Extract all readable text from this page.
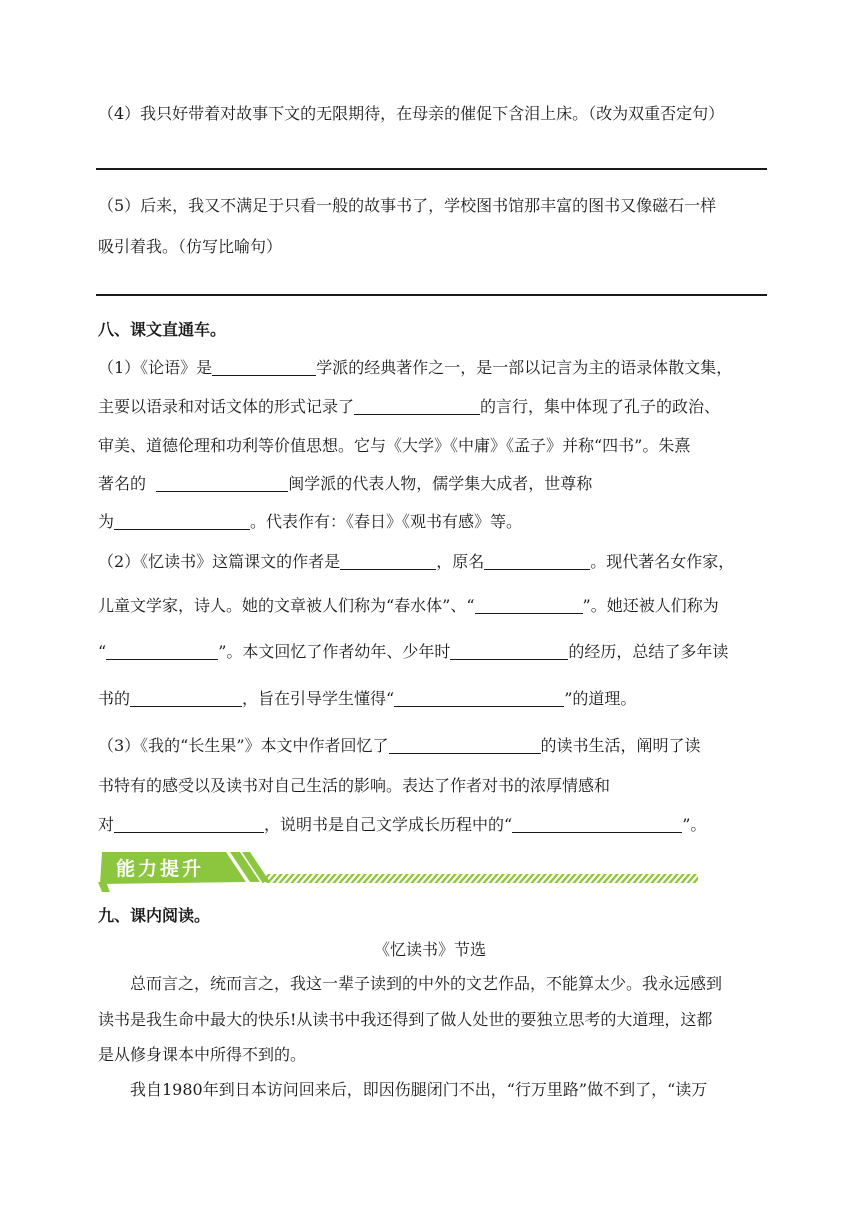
（4）我只好带着对故事下文的无限期待，在母亲的催促下含泪上床。（改为双重否定句）
（5）后来，我又不满足于只看一般的故事书了，学校图书馆那丰富的图书又像磁石一样
吸引着我。（仿写比喻句）
八、课文直通车。
（1）《论语》是	学派的经典著作之一，是一部以记言为主的语录体散文集，
主要以语录和对话文体的形式记录了	的言行，集中体现了孔子的政治、
审美、道德伦理和功利等价值思想。它与《大学》《中庸》《孟子》并称“四书”。朱熹
著名的	闽学派的代表人物，儒学集大成者，世尊称
为	。代表作有：《春日》《观书有感》等。
（2）《忆读书》这篇课文的作者是	，原名	。现代著名女作家，
儿童文学家，诗人。她的文章被人们称为“春水体”、“	”。她还被人们称为
“	”。本文回忆了作者幼年、少年时	的经历，总结了多年读
书的	，旨在引导学生懂得“	”的道理。
（3）《我的“长生果”》本文中作者回忆了	的读书生活，阐明了读
书特有的感受以及读书对自己生活的影响。表达了作者对书的浓厚情感和
对	，说明书是自己文学成长历程中的“	”。
能力提升
九、课内阅读。
《忆读书》节选
总而言之，统而言之，我这一辈子读到的中外的文艺作品，不能算太少。我永远感到
读书是我生命中最大的快乐!从读书中我还得到了做人处世的要独立思考的大道理，这都
是从修身课本中所得不到的。
我自1980年到日本访问回来后，即因伤腿闭门不出，“行万里路”做不到了，“读万
